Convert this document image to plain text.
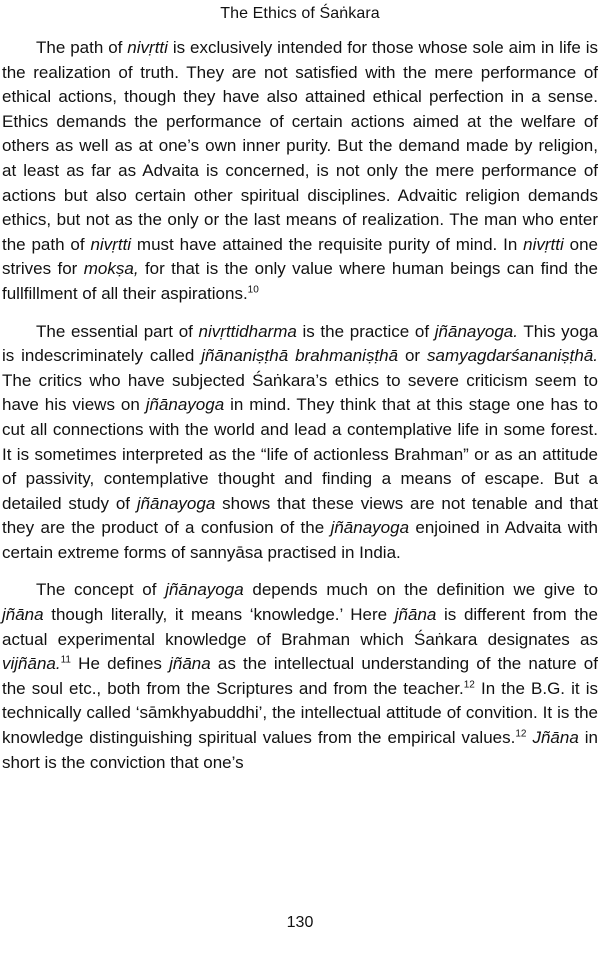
The Ethics of Śaṅkara

The path of nivṛtti is exclusively intended for those whose sole aim in life is the realization of truth. They are not satisfied with the mere performance of ethical actions, though they have also attained ethical perfection in a sense. Ethics demands the performance of certain actions aimed at the welfare of others as well as at one’s own inner purity. But the demand made by religion, at least as far as Advaita is concerned, is not only the mere performance of actions but also certain other spiritual disciplines. Advaitic religion demands ethics, but not as the only or the last means of realization. The man who enter the path of nivṛtti must have attained the requisite purity of mind. In nivṛtti one strives for mokṣa, for that is the only value where human beings can find the fullfillment of all their aspirations.$^{10}$

The essential part of nivṛttidharma is the practice of jñānayoga. This yoga is indescriminately called jñānaniṣṭhā brahmaniṣṭhā or samyagdarśananiṣṭhā. The critics who have subjected Śaṅkara’s ethics to severe criticism seem to have his views on jñānayoga in mind. They think that at this stage one has to cut all connections with the world and lead a contemplative life in some forest. It is sometimes interpreted as the “life of actionless Brahman” or as an attitude of passivity, contemplative thought and finding a means of escape. But a detailed study of jñānayoga shows that these views are not tenable and that they are the product of a confusion of the jñānayoga enjoined in Advaita with certain extreme forms of sannyāsa practised in India.

The concept of jñānayoga depends much on the definition we give to jñāna though literally, it means ‘knowledge.’ Here jñāna is different from the actual experimental knowledge of Brahman which Śaṅkara designates as vijñāna.$^{11}$ He defines jñāna as the intellectual understanding of the nature of the soul etc., both from the Scriptures and from the teacher.$^{12}$ In the B.G. it is technically called ‘sāmkhyabuddhi’, the intellectual attitude of convition. It is the knowledge distinguishing spiritual values from the empirical values.$^{12}$ Jñāna in short is the conviction that one’s

130
